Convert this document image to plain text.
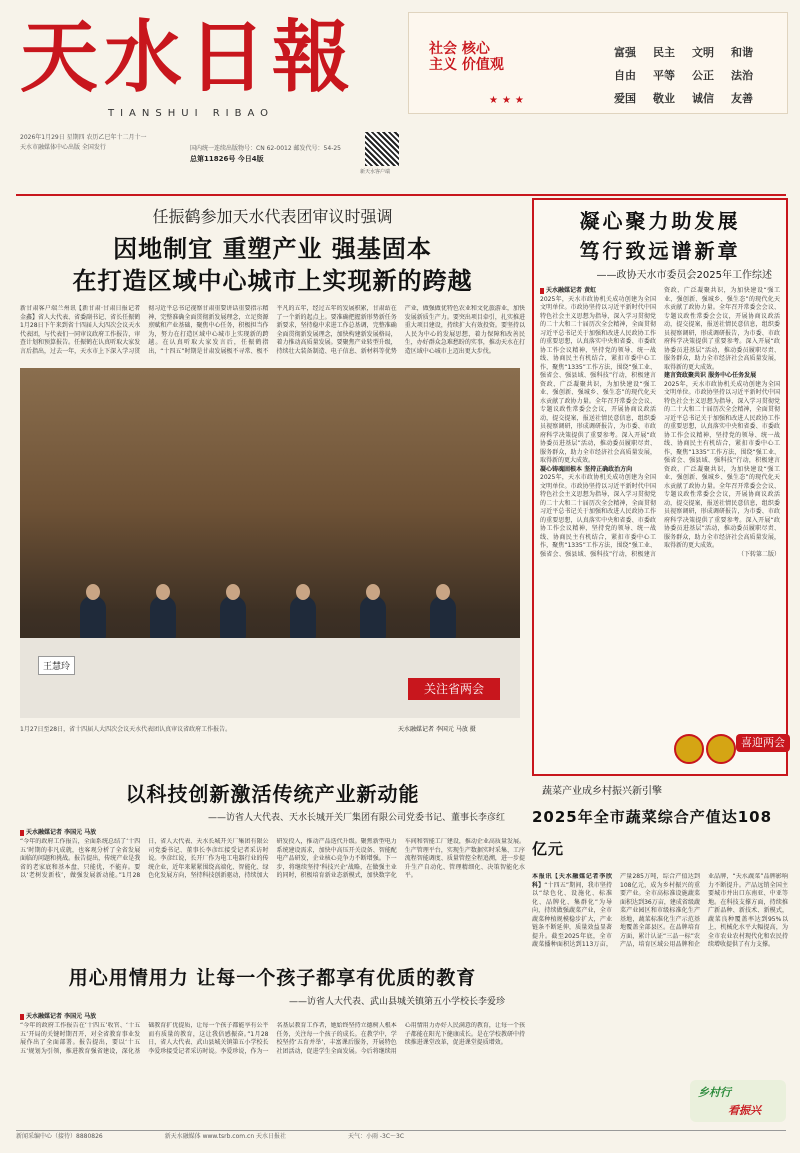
天水日報
TIANSHUI RIBAO
2026年1月29日 星期四 农历乙巳年十二月十一
天水市融媒体中心出版 全国发行	国内统一连续出版物号：CN 62-0012 邮发代号：54-25
总第11826号 今日4版
新天水客户端
社会 核心
主义 价值观
富强 民主 文明 和谐
自由 平等 公正 法治
爱国 敬业 诚信 友善
★★★
任振鹤参加天水代表团审议时强调
因地制宜 重塑产业 强基固本
在打造区域中心城市上实现新的跨越
新甘肃客户端兰州讯【新甘肃·甘肃日报记者金鑫】省人大代表、省委副书记、省长任振鹤1月28日下午来到省十四届人大四次会议天水代表团，与代表们一同审议政府工作报告，审查计划和预算报告。任振鹤在认真听取大家发言后指出，过去一年，天水市上下深入学习贯彻习近平总书记视察甘肃重要讲话重要指示精神，完整准确全面贯彻新发展理念，立足资源禀赋和产业基础，聚焦中心任务，积极担当作为，努力在打造区域中心城市上实现新的跨越。在认真听取大家发言后，任振鹤指出，“十四五”时期是甘肃发展极不寻常、极不平凡的五年，经过五年的发展积累，甘肃站在了一个新的起点上。要准确把握新形势新任务新要求，坚持稳中求进工作总基调，完整准确全面贯彻新发展理念，加快构建新发展格局，着力推动高质量发展。要聚焦产业转型升级，持续壮大装备制造、电子信息、新材料等优势产业，做强做优特色农业和文化旅游业，加快发展新质生产力。要突出项目牵引，扎实推进重大项目建设，持续扩大有效投资。要坚持以人民为中心的发展思想，着力保障和改善民生，办好群众急难愁盼的实事，推动天水在打造区域中心城市上迈出更大步伐。
王慧玲
关注省两会
1月27日至28日，省十四届人大四次会议天水代表团认真审议省政府工作报告。	天水融媒记者 李国元 马放 摄
凝心聚力助发展
笃行致远谱新章
——政协天水市委员会2025年工作综述
天水融媒记者 黄虹
2025年，天水市政协机关成功创建为全国文明单位。市政协坚持以习近平新时代中国特色社会主义思想为指导，深入学习贯彻党的二十大和二十届历次全会精神，全面贯彻习近平总书记关于加强和改进人民政协工作的重要思想，认真落实中央和省委、市委政协工作会议精神，坚持党的领导、统一战线、协商民主有机结合，紧扣市委中心工作，聚焦“1335”工作方法，围绕“强工业、强省会、强县域、强科技”行动，积极建言资政、广泛凝聚共识，为加快建设“强工业、强创新、强城乡、强生态”的现代化天水贡献了政协力量。全年召开常委会会议、专题议政性常委会会议，开展协商议政活动，提交提案，报送社情民意信息，组织委员视察调研，形成调研报告，为市委、市政府科学决策提供了重要参考。深入开展“政协委员进基层”活动，推动委员履职尽责、服务群众，助力全市经济社会高质量发展，取得新的更大成效。
凝心铸魂固根本 坚持正确政治方向
2025年，天水市政协机关成功创建为全国文明单位。市政协坚持以习近平新时代中国特色社会主义思想为指导，深入学习贯彻党的二十大和二十届历次全会精神，全面贯彻习近平总书记关于加强和改进人民政协工作的重要思想，认真落实中央和省委、市委政协工作会议精神，坚持党的领导、统一战线、协商民主有机结合，紧扣市委中心工作，聚焦“1335”工作方法，围绕“强工业、强省会、强县域、强科技”行动，积极建言资政、广泛凝聚共识，为加快建设“强工业、强创新、强城乡、强生态”的现代化天水贡献了政协力量。全年召开常委会会议、专题议政性常委会会议，开展协商议政活动，提交提案，报送社情民意信息，组织委员视察调研，形成调研报告，为市委、市政府科学决策提供了重要参考。深入开展“政协委员进基层”活动，推动委员履职尽责、服务群众，助力全市经济社会高质量发展，取得新的更大成效。
建言资政聚共识 服务中心任务发展
2025年，天水市政协机关成功创建为全国文明单位。市政协坚持以习近平新时代中国特色社会主义思想为指导，深入学习贯彻党的二十大和二十届历次全会精神，全面贯彻习近平总书记关于加强和改进人民政协工作的重要思想，认真落实中央和省委、市委政协工作会议精神，坚持党的领导、统一战线、协商民主有机结合，紧扣市委中心工作，聚焦“1335”工作方法，围绕“强工业、强省会、强县域、强科技”行动，积极建言资政、广泛凝聚共识，为加快建设“强工业、强创新、强城乡、强生态”的现代化天水贡献了政协力量。全年召开常委会会议、专题议政性常委会会议，开展协商议政活动，提交提案，报送社情民意信息，组织委员视察调研，形成调研报告，为市委、市政府科学决策提供了重要参考。深入开展“政协委员进基层”活动，推动委员履职尽责、服务群众，助力全市经济社会高质量发展，取得新的更大成效。
（下转第二版）
喜迎两会
以科技创新激活传统产业新动能
——访省人大代表、天水长城开关厂集团有限公司党委书记、董事长李彦红
天水融媒记者 李国元 马放
“今年的政府工作报告，全面系统总结了‘十四五’时期的非凡成就，也客观分析了全省发展面临的问题和挑战。报告提出，传统产业是我省的老家底和基本盘，只能优，不能弃。要以‘老树发新枝’，做强发展新动能。”1月28日，省人大代表、天水长城开关厂集团有限公司党委书记、董事长李彦红接受记者采访时说。李彦红说，长开厂作为电工电器行业的传统企业，近年来紧紧围绕高端化、智能化、绿色化发展方向，坚持科技创新驱动，持续加大研发投入，推动产品迭代升级。聚焦新型电力系统建设需求，加快中高压开关设备、智能配电产品研发，企业核心竞争力不断增强。下一步，将继续坚持‘科技兴企’战略，在做强主业的同时，积极培育新业态新模式，加快数字化车间和智能工厂建设，推动企业高质量发展。生产管理平台，实现生产数据实时采集、工序流程智能调度、质量管控全程追溯，进一步提升生产自动化、管理精细化、决策智能化水平。
用心用情用力 让每一个孩子都享有优质的教育
——访省人大代表、武山县城关镇第五小学校长李爱珍
天水融媒记者 李国元 马放
“今年的政府工作报告在‘十四五’收官、‘十五五’开局的关键时期召开，对全省教育事业发展作出了全面部署。报告提出，要以‘十五五’规划为引领，推进教育强省建设，深化基础教育扩优提质，让每一个孩子都能享有公平而有质量的教育，这让我倍感振奋。”1月28日，省人大代表、武山县城关镇第五小学校长李爱珍接受记者采访时说。李爱珍说，作为一名基层教育工作者，她始终坚持立德树人根本任务，关注每一个孩子的成长。在教学中，学校坚持‘五育并举’，丰富课后服务，开展特色社团活动，促进学生全面发展。今后将继续用心用情用力办好人民满意的教育，让每一个孩子都能在阳光下健康成长。是在学校教研中持续推进课堂改革，促进课堂提质增效。
蔬菜产业成乡村振兴新引擎
2025年全市蔬菜综合产值达108亿元
本报讯【天水融媒记者李欣科】“十四五”期间，我市坚持以“绿色化、设施化、标准化、品牌化、集群化”为导向，持续做强蔬菜产业，全市蔬菜种植规模稳步扩大，产业链条不断延伸，质量效益显著提升。截至2025年底，全市蔬菜播种面积达到113万亩，产量285万吨，综合产值达到108亿元，成为乡村振兴的重要产业。全市高标准设施蔬菜面积达到36万亩，建成省级蔬菜产业园区和市级标准化生产基地，蔬菜标准化生产示范基地覆盖全部县区。在品牌培育方面，累计认证“三品一标”农产品，培育区域公用品牌和企业品牌，“天水蔬菜”品牌影响力不断提升。产品远销全国主要城市并出口东南亚、中亚等地。在科技支撑方面，持续推广新品种、新技术、新模式，蔬菜良种覆盖率达到95%以上，机械化水平大幅提高，为全市农业农村现代化和农民持续增收提供了有力支撑。
乡村行
看振兴
新闻采编中心（接待）8880826	新天水融媒体 www.tsrb.com.cn 天水日报社	天气：小雨 -3C～3C
